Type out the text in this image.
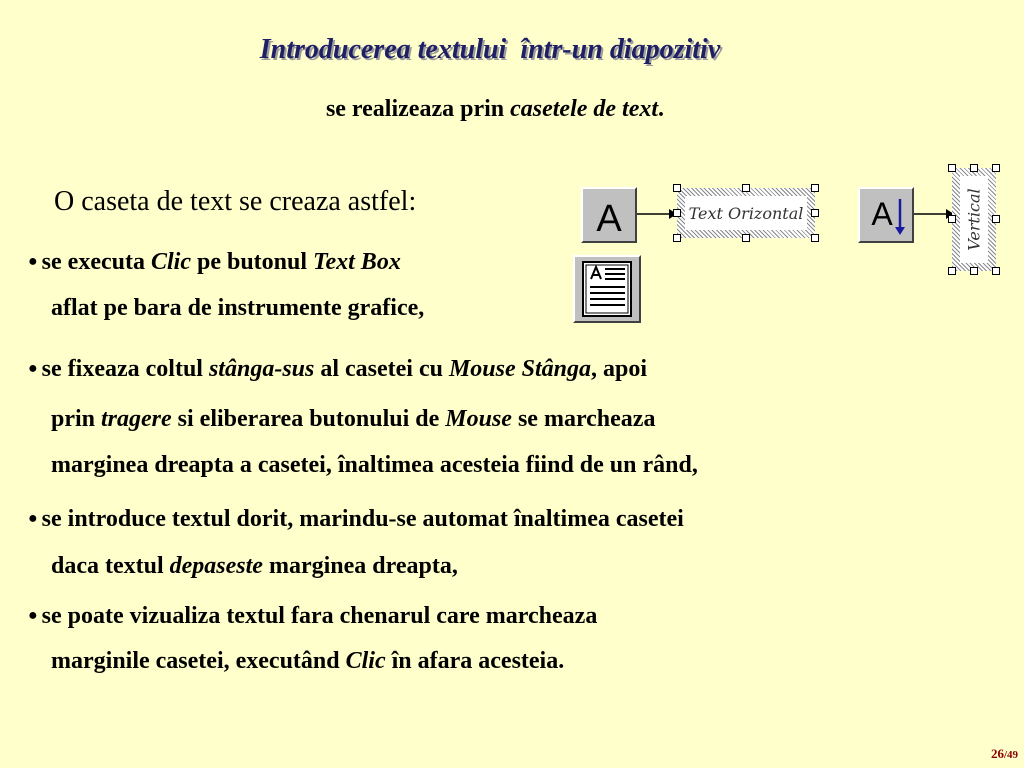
Introducerea textului într-un diapozitiv
se realizeaza prin casetele de text.
O caseta de text se creaza astfel:	A	Text Orizontal A	Vertical
● se executa Clic pe butonul Text Box
aflat pe bara de instrumente grafice,
● se fixeaza coltul stânga-sus al casetei cu Mouse Stânga, apoi
prin tragere si eliberarea butonului de Mouse se marcheaza
marginea dreapta a casetei, înaltimea acesteia fiind de un rând,
● se introduce textul dorit, marindu-se automat înaltimea casetei
daca textul depaseste marginea dreapta,
● se poate vizualiza textul fara chenarul care marcheaza
marginile casetei, executând Clic în afara acesteia.
26/49
